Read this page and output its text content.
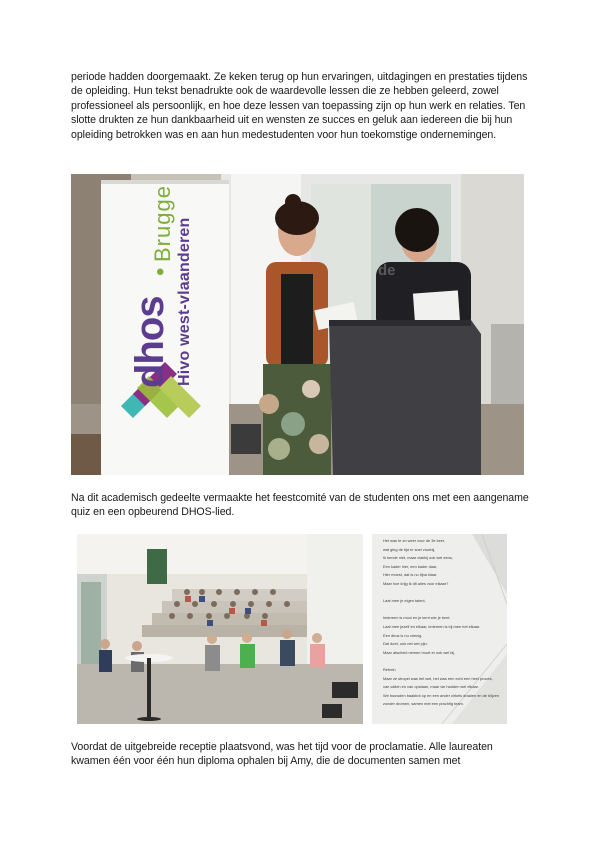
periode hadden doorgemaakt. Ze keken terug op hun ervaringen, uitdagingen en prestaties tijdens de opleiding. Hun tekst benadrukte ook de waardevolle lessen die ze hebben geleerd, zowel professioneel als persoonlijk, en hoe deze lessen van toepassing zijn op hun werk en relaties. Ten slotte drukten ze hun dankbaarheid uit en wensten ze succes en geluk aan iedereen die bij hun opleiding betrokken was en aan hun medestudenten voor hun toekomstige ondernemingen.

dhos
•
Brugge Hivo west-vlaanderen	de

Na dit academisch gedeelte vermaakte het feestcomité van de studenten ons met een aangename quiz en een opbeurend DHOS-lied.

Het was te zo weer voor de 3e keer,
wat ging de tijd er snel voorbij,
Ik kende niet, maar vlakbij ook wel eens,
Een kader hier, een kader daar,
Hier moest, dat is nu tijna klaar.
Maar hoe krijg ik dit alles voor elkaar?
Laat mee je eigen talent,
Iedereen is mooi en je kent wie je bent.
Laat mee jezelf en elkaar, iedereen is bij mee het elkaar.
Een dhos is nu vrienig.
Dat doet, ook net wel pijn.
Maar afscheid nemen hoort er ook wel bij.
Refrein
Maar ze stropel was het wel, het was een echt een heel proces,
van vallen en van opstaan, maar we hadden wel elkaar.
We bouwden baakbot op en een ander cirkels draaien en de blijven
zonder dromen, samen met een prachtig team.

Voordat de uitgebreide receptie plaatsvond, was het tijd voor de proclamatie. Alle laureaten kwamen één voor één hun diploma ophalen bij Amy, die de documenten samen met
